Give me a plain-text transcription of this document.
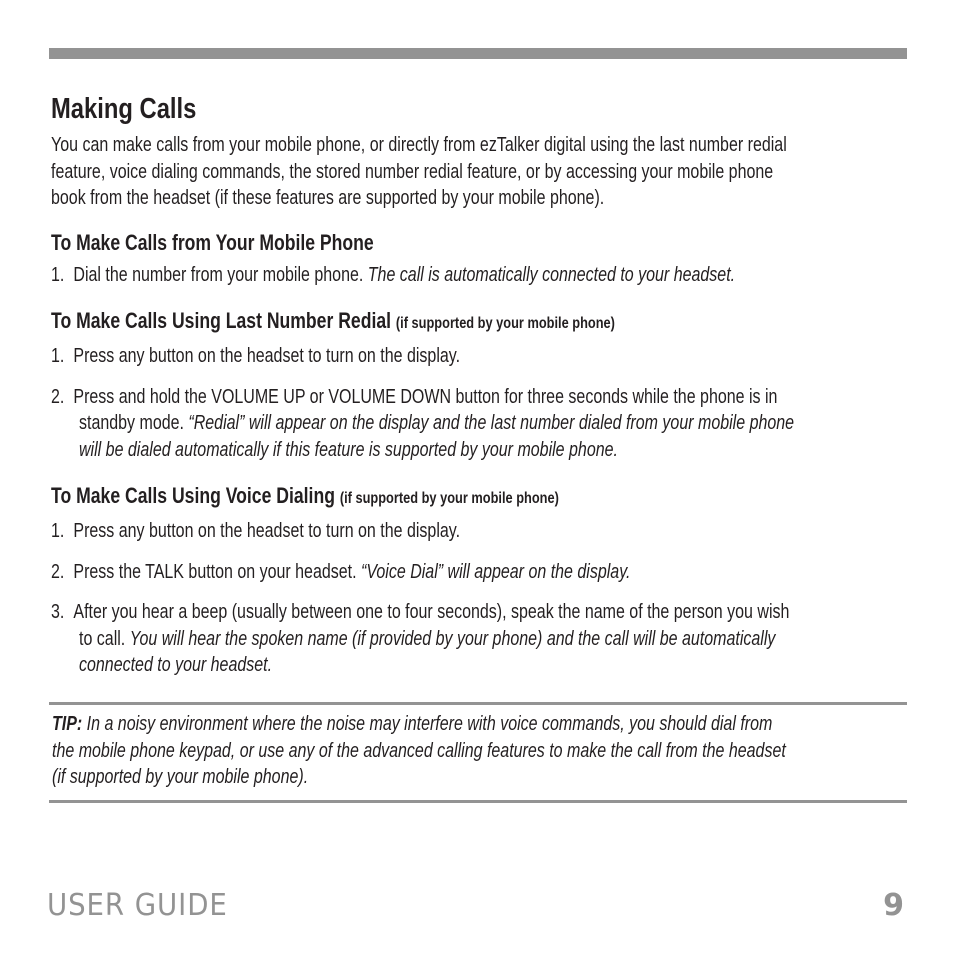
Making Calls
You can make calls from your mobile phone, or directly from ezTalker digital using the last number redial
feature, voice dialing commands, the stored number redial feature, or by accessing your mobile phone
book from the headset (if these features are supported by your mobile phone).
To Make Calls from Your Mobile Phone
1. Dial the number from your mobile phone. The call is automatically connected to your headset.
To Make Calls Using Last Number Redial (if supported by your mobile phone)
1. Press any button on the headset to turn on the display.
2. Press and hold the VOLUME UP or VOLUME DOWN button for three seconds while the phone is in
standby mode. “Redial” will appear on the display and the last number dialed from your mobile phone
will be dialed automatically if this feature is supported by your mobile phone.
To Make Calls Using Voice Dialing (if supported by your mobile phone)
1. Press any button on the headset to turn on the display.
2. Press the TALK button on your headset. “Voice Dial” will appear on the display.
3. After you hear a beep (usually between one to four seconds), speak the name of the person you wish
to call. You will hear the spoken name (if provided by your phone) and the call will be automatically
connected to your headset.
TIP: In a noisy environment where the noise may interfere with voice commands, you should dial from
the mobile phone keypad, or use any of the advanced calling features to make the call from the headset
(if supported by your mobile phone).
USER GUIDE	9
